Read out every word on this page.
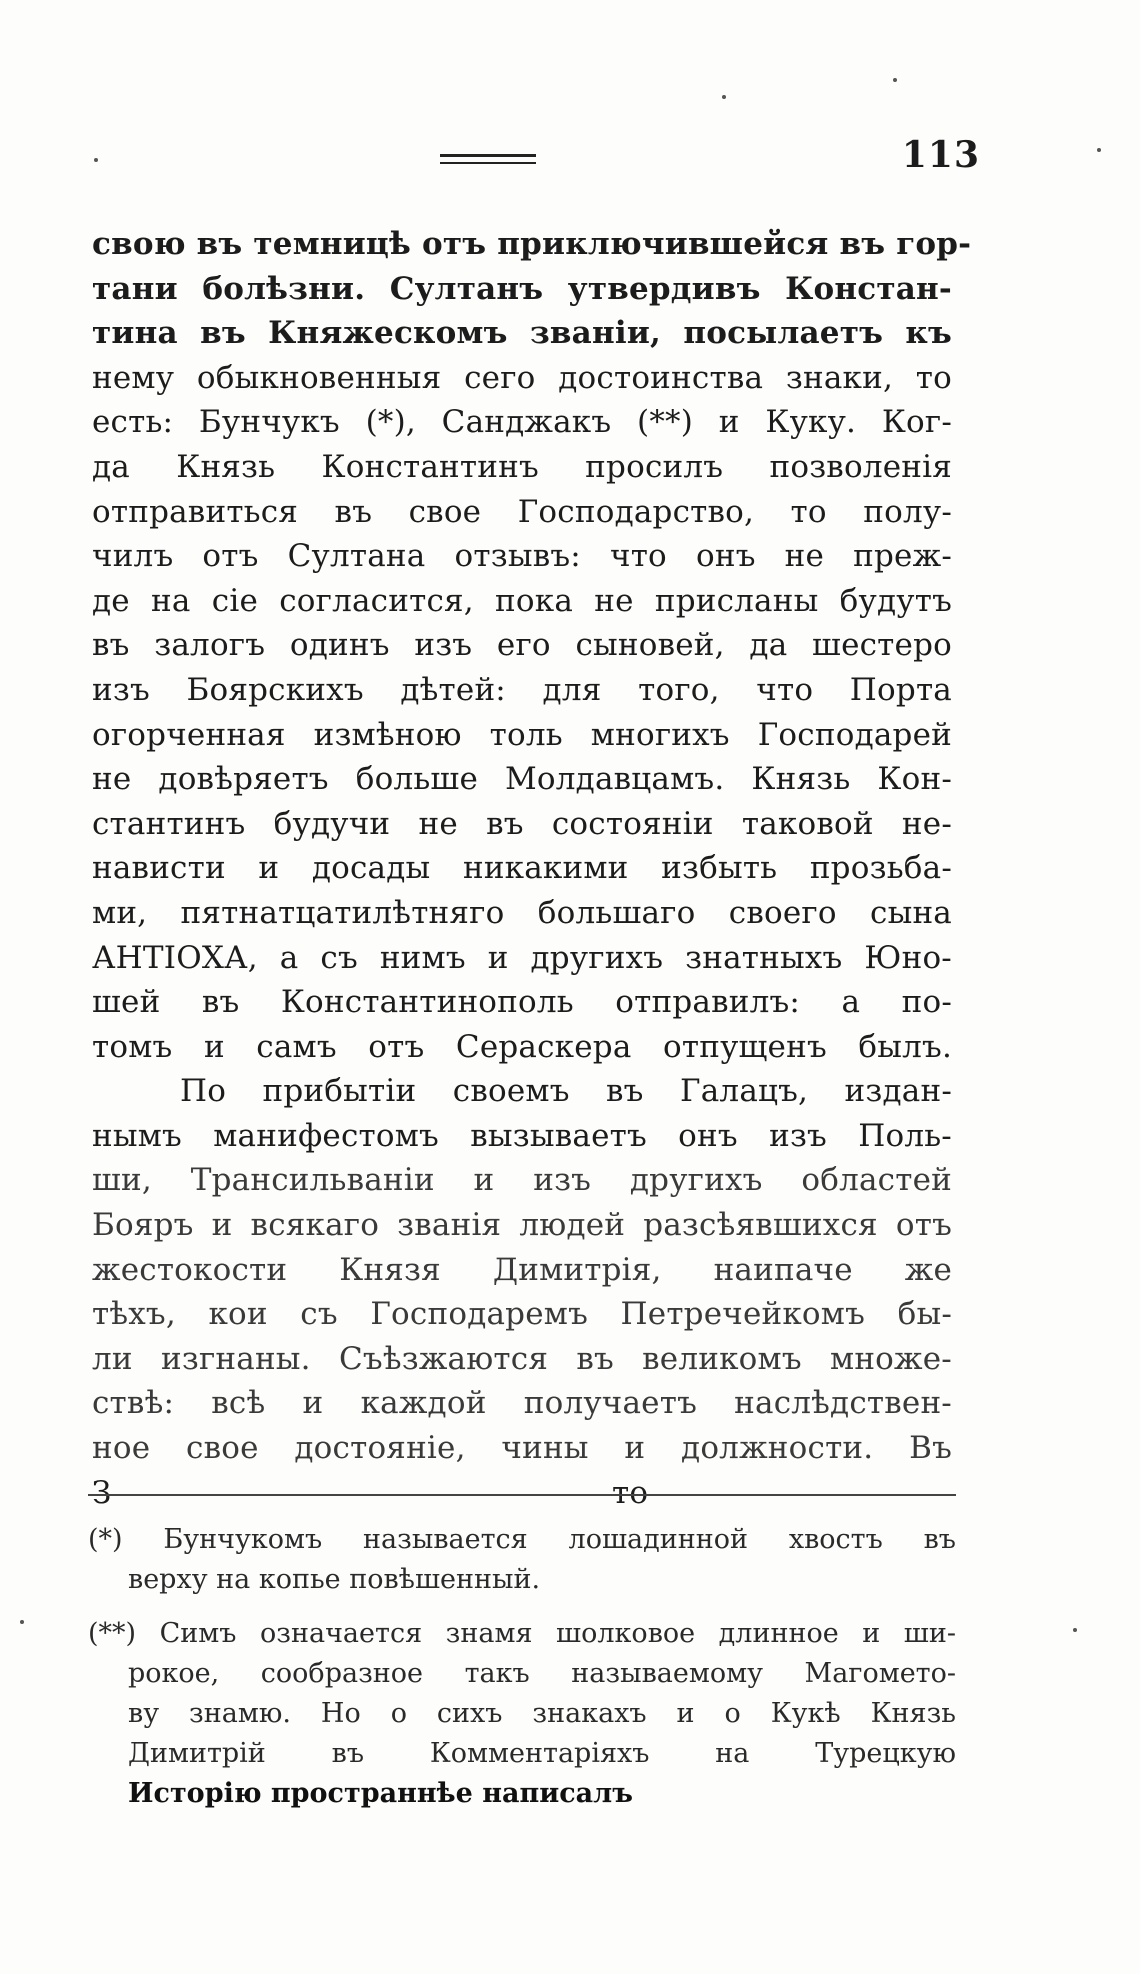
113
свою въ темницѣ отъ приключившейся въ гор-
тани болѣзни. Султанъ утвердивъ Констан-
тина въ Княжескомъ званіи, посылаетъ къ
нему обыкновенныя сего достоинства знаки, то
есть: Бунчукъ (*), Санджакъ (**) и Куку. Ког-
да Князь Константинъ просилъ позволенія
отправиться въ свое Господарство, то полу-
чилъ отъ Султана отзывъ: что онъ не преж-
де на сіе согласится, пока не присланы будутъ
въ залогъ одинъ изъ его сыновей, да шестеро
изъ Боярскихъ дѣтей: для того, что Порта
огорченная измѣною толь многихъ Господарей
не довѣряетъ больше Молдавцамъ. Князь Кон-
стантинъ будучи не въ состояніи таковой не-
нависти и досады никакими избыть прозьба-
ми, пятнатцатилѣтняго большаго своего сына
АНТІОХА, а съ нимъ и другихъ знатныхъ Юно-
шей въ Констaнтинополь отправилъ: а по-
томъ и самъ отъ Сераскера отпущенъ былъ.
По прибытіи своемъ въ Галацъ, издан-
нымъ манифестомъ вызываетъ онъ изъ Поль-
ши, Трансильваніи и изъ другихъ областей
Бояръ и всякаго званія людей разсѣявшихся отъ
жестокости Князя Димитрія, наипаче же
тѣхъ, кои съ Господаремъ Петречейкомъ бы-
ли изгнаны. Съѣзжаются въ великомъ множе-
ствѣ: всѣ и каждой получаетъ наслѣдствен-
ное свое достояніе, чины и должности. Въ
З	то
(*) Бунчукомъ называется лошадинной хвостъ въ
верху на копье повѣшенный.
(**) Симъ означается знамя шолковое длинное и ши-
рокое, сообразное такъ называемому Магомето-
ву знамю. Но о сихъ знакахъ и о Кукѣ Князь
Димитрій въ Комментаріяхъ на Турецкую
Исторію пространнѣе написалъ
